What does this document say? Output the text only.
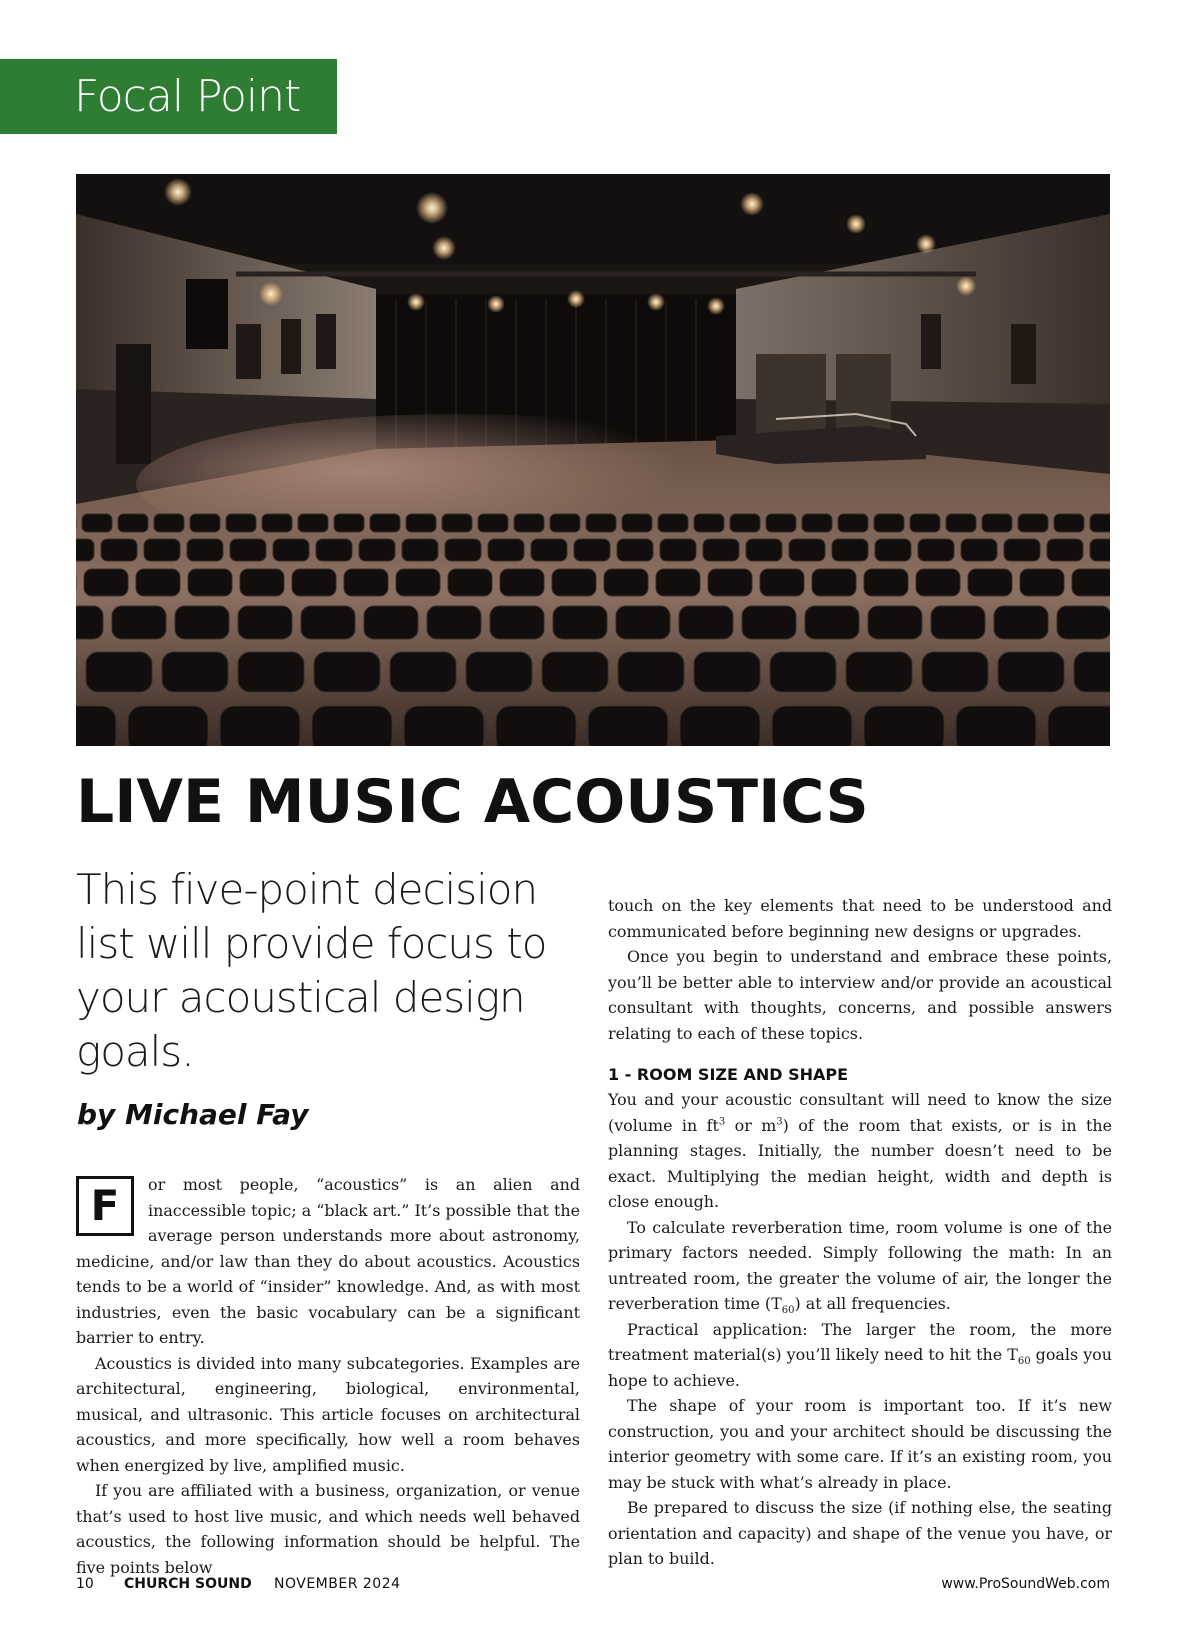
Focal Point
LIVE MUSIC ACOUSTICS

This five-point decision list will provide focus to your acoustical design goals.

by Michael Fay

F	or most people, “acoustics” is an alien and inaccessible topic; a “black art.” It’s possible that the average person understands more about astronomy, medicine, and/or law than they do about acoustics. Acoustics tends to be a world of “insider” knowledge. And, as with most industries, even the basic vocabulary can be a significant barrier to entry.

Acoustics is divided into many subcategories. Examples are architectural, engineering, biological, environmental, musical, and ultrasonic. This article focuses on architectural acoustics, and more specifically, how well a room behaves when energized by live, amplified music.

If you are affiliated with a business, organization, or venue that’s used to host live music, and which needs well behaved acoustics, the following information should be helpful. The five points below

touch on the key elements that need to be understood and communicated before beginning new designs or upgrades.

Once you begin to understand and embrace these points, you’ll be better able to interview and/or provide an acoustical consultant with thoughts, concerns, and possible answers relating to each of these topics.

1 - ROOM SIZE AND SHAPE

You and your acoustic consultant will need to know the size (volume in $ft^3$ or $m^3$) of the room that exists, or is in the planning stages. Initially, the number doesn’t need to be exact. Multiplying the median height, width and depth is close enough.

To calculate reverberation time, room volume is one of the primary factors needed. Simply following the math: In an untreated room, the greater the volume of air, the longer the reverberation time $(T_{60})$ at all frequencies.

Practical application: The larger the room, the more treatment material(s) you’ll likely need to hit the $T_{60}$ goals you hope to achieve.

The shape of your room is important too. If it’s new construction, you and your architect should be discussing the interior geometry with some care. If it’s an existing room, you may be stuck with what’s already in place.

Be prepared to discuss the size (if nothing else, the seating orientation and capacity) and shape of the venue you have, or plan to build.

10 CHURCH SOUND NOVEMBER 2024	www.ProSoundWeb.com
